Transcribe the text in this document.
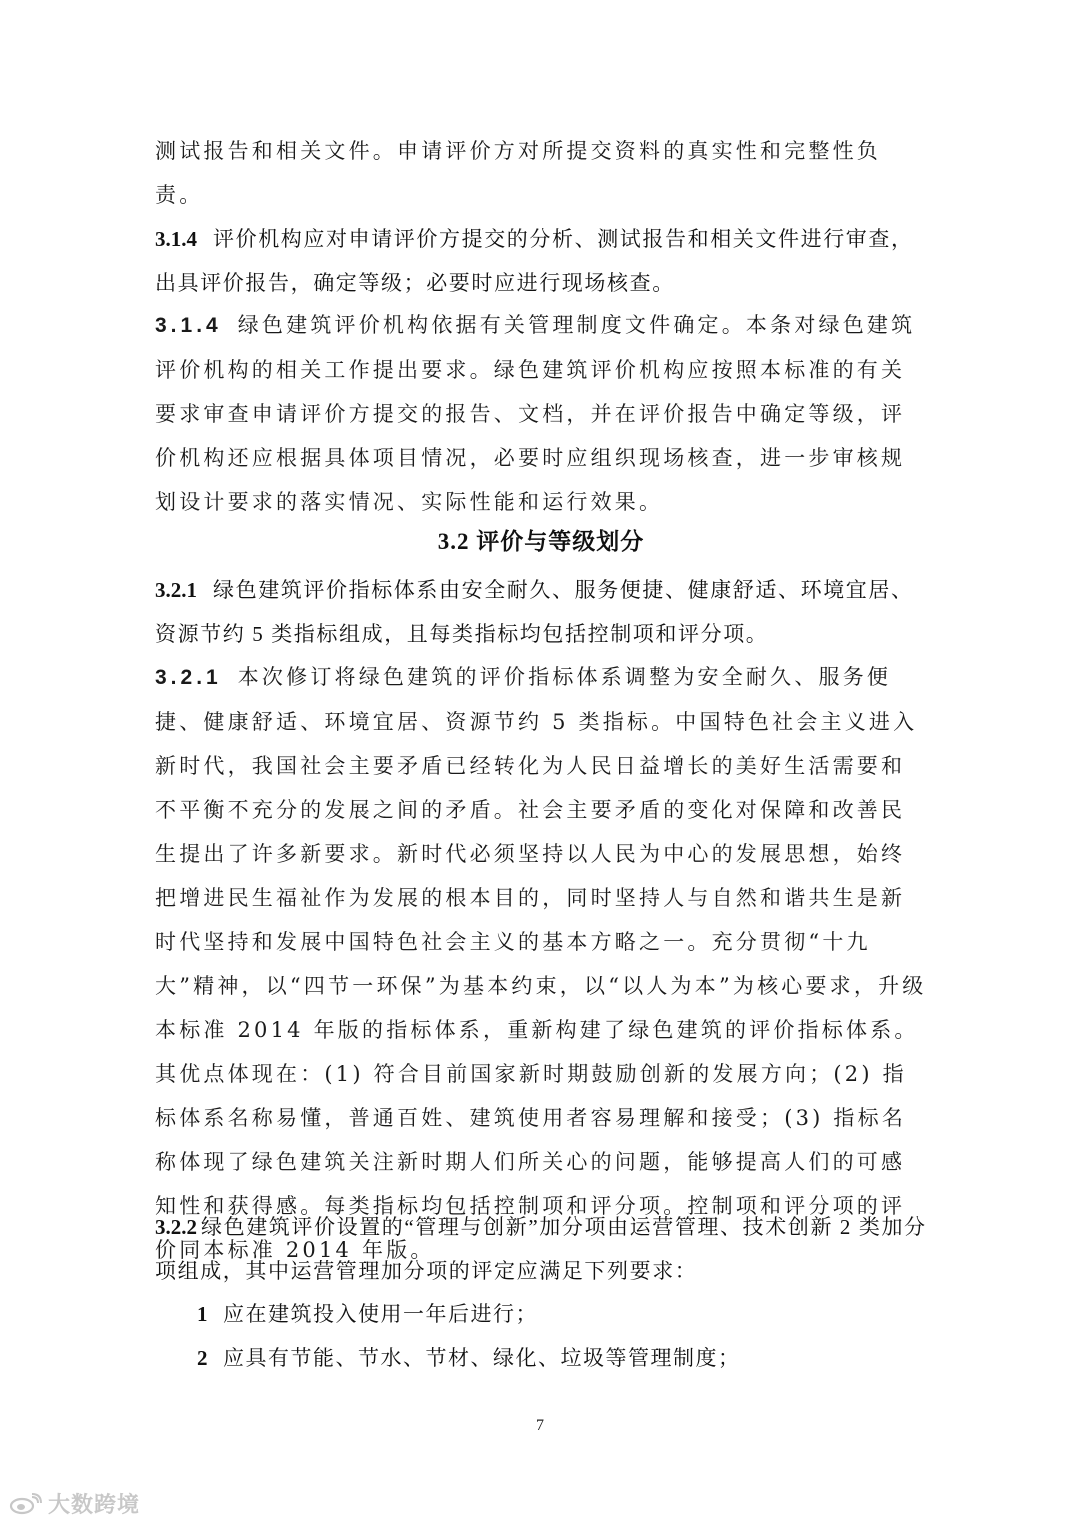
测试报告和相关文件。申请评价方对所提交资料的真实性和完整性负责。
3.1.4 评价机构应对申请评价方提交的分析、测试报告和相关文件进行审查，出具评价报告，确定等级；必要时应进行现场核查。
3.1.4 绿色建筑评价机构依据有关管理制度文件确定。本条对绿色建筑评价机构的相关工作提出要求。绿色建筑评价机构应按照本标准的有关要求审查申请评价方提交的报告、文档，并在评价报告中确定等级，评价机构还应根据具体项目情况，必要时应组织现场核查，进一步审核规划设计要求的落实情况、实际性能和运行效果。
3.2 评价与等级划分
3.2.1 绿色建筑评价指标体系由安全耐久、服务便捷、健康舒适、环境宜居、资源节约 5 类指标组成，且每类指标均包括控制项和评分项。
3.2.1 本次修订将绿色建筑的评价指标体系调整为安全耐久、服务便捷、健康舒适、环境宜居、资源节约 5 类指标。中国特色社会主义进入新时代，我国社会主要矛盾已经转化为人民日益增长的美好生活需要和不平衡不充分的发展之间的矛盾。社会主要矛盾的变化对保障和改善民生提出了许多新要求。新时代必须坚持以人民为中心的发展思想，始终把增进民生福祉作为发展的根本目的，同时坚持人与自然和谐共生是新时代坚持和发展中国特色社会主义的基本方略之一。充分贯彻“十九大”精神，以“四节一环保”为基本约束，以“以人为本”为核心要求，升级本标准 2014 年版的指标体系，重新构建了绿色建筑的评价指标体系。其优点体现在：(1) 符合目前国家新时期鼓励创新的发展方向；(2) 指标体系名称易懂，普通百姓、建筑使用者容易理解和接受；(3) 指标名称体现了绿色建筑关注新时期人们所关心的问题，能够提高人们的可感知性和获得感。每类指标均包括控制项和评分项。控制项和评分项的评价同本标准 2014 年版。
3.2.2 绿色建筑评价设置的“管理与创新”加分项由运营管理、技术创新 2 类加分项组成，其中运营管理加分项的评定应满足下列要求：
1 应在建筑投入使用一年后进行；
2 应具有节能、节水、节材、绿化、垃圾等管理制度；
7
大数跨境
